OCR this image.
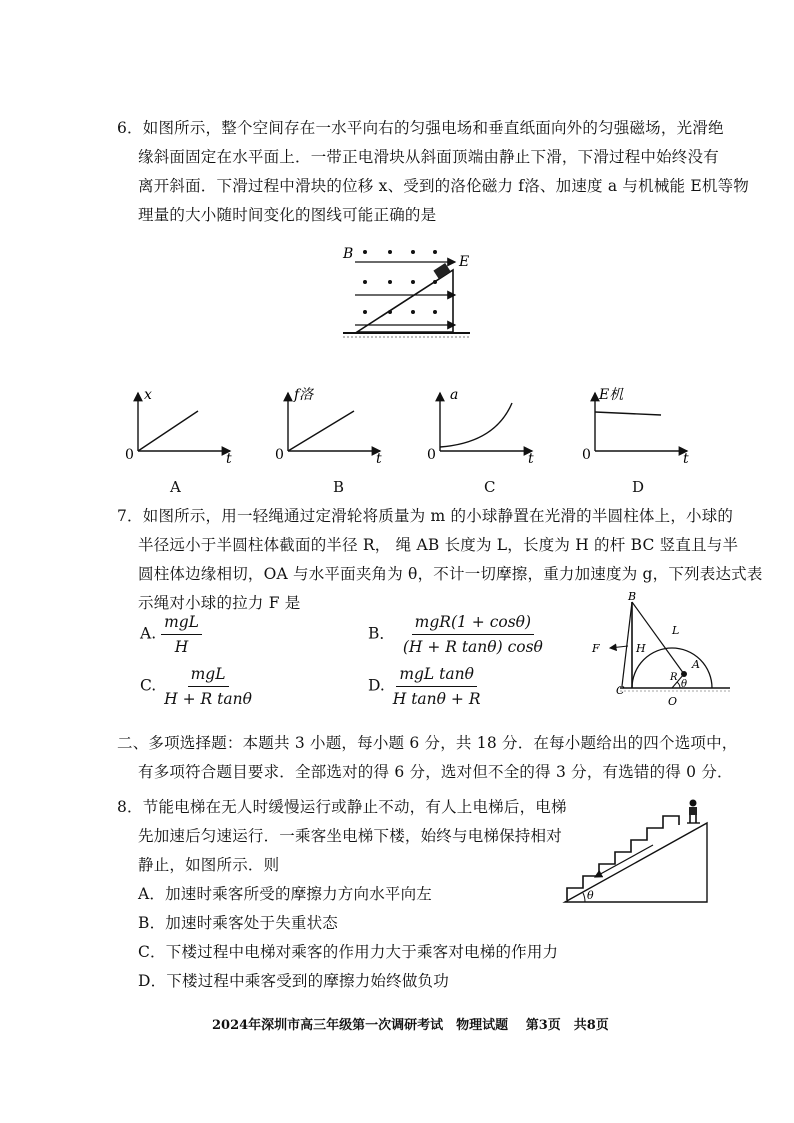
6．如图所示，整个空间存在一水平向右的匀强电场和垂直纸面向外的匀强磁场，光滑绝
缘斜面固定在水平面上．一带正电滑块从斜面顶端由静止下滑，下滑过程中始终没有
离开斜面．下滑过程中滑块的位移 x、受到的洛伦磁力 f洛、加速度 a 与机械能 E机等物
理量的大小随时间变化的图线可能正确的是
B	E
x
t
0
f洛
t
0
a
t
0
E机
t
0
A	B	C	D
7．如图所示，用一轻绳通过定滑轮将质量为 m 的小球静置在光滑的半圆柱体上，小球的
半径远小于半圆柱体截面的半径 R， 绳 AB 长度为 L，长度为 H 的杆 BC 竖直且与半
圆柱体边缘相切，OA 与水平面夹角为 θ，不计一切摩擦，重力加速度为 g，下列表达式表
示绳对小球的拉力 F 是
A. $\frac{\text{mgL}}{H}$	B． $\frac{\text{mgR(1 + cosθ)}}{\text{(H + R tanθ) cosθ}}$
C. $\frac{\text{mgL}}{\text{H + R tanθ}}$	D. $\frac{\text{mgL tanθ}}{\text{H tanθ + R}}$
B
L
F	H
A
R
θ
C
O
二、多项选择题：本题共 3 小题，每小题 6 分，共 18 分．在每小题给出的四个选项中，
有多项符合题目要求．全部选对的得 6 分，选对但不全的得 3 分，有选错的得 0 分．
8．节能电梯在无人时缓慢运行或静止不动，有人上电梯后，电梯
先加速后匀速运行．一乘客坐电梯下楼，始终与电梯保持相对
静止，如图所示．则
A．加速时乘客所受的摩擦力方向水平向左
B．加速时乘客处于失重状态
C．下楼过程中电梯对乘客的作用力大于乘客对电梯的作用力
D．下楼过程中乘客受到的摩擦力始终做负功
θ
2024年深圳市高三年级第一次调研考试　物理试题　 第3页　共8页
